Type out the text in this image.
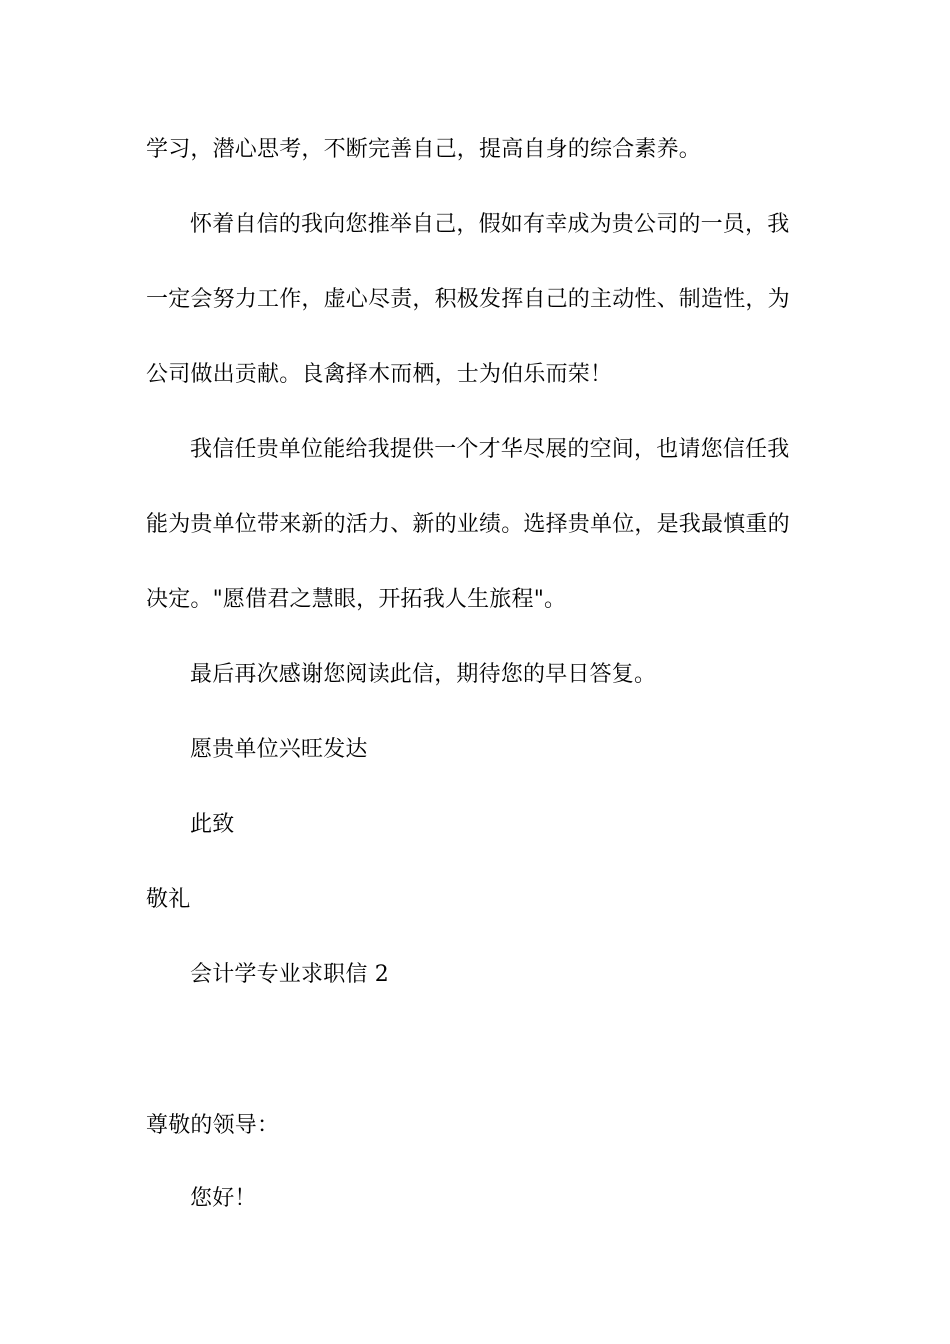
学习，潜心思考，不断完善自己，提高自身的综合素养。
怀着自信的我向您推举自己，假如有幸成为贵公司的一员，我
一定会努力工作，虚心尽责，积极发挥自己的主动性、制造性，为
公司做出贡献。良禽择木而栖，士为伯乐而荣！
我信任贵单位能给我提供一个才华尽展的空间，也请您信任我
能为贵单位带来新的活力、新的业绩。选择贵单位，是我最慎重的
决定。"愿借君之慧眼，开拓我人生旅程"。
最后再次感谢您阅读此信，期待您的早日答复。
愿贵单位兴旺发达
此致
敬礼
会计学专业求职信 2
尊敬的领导：
您好！
